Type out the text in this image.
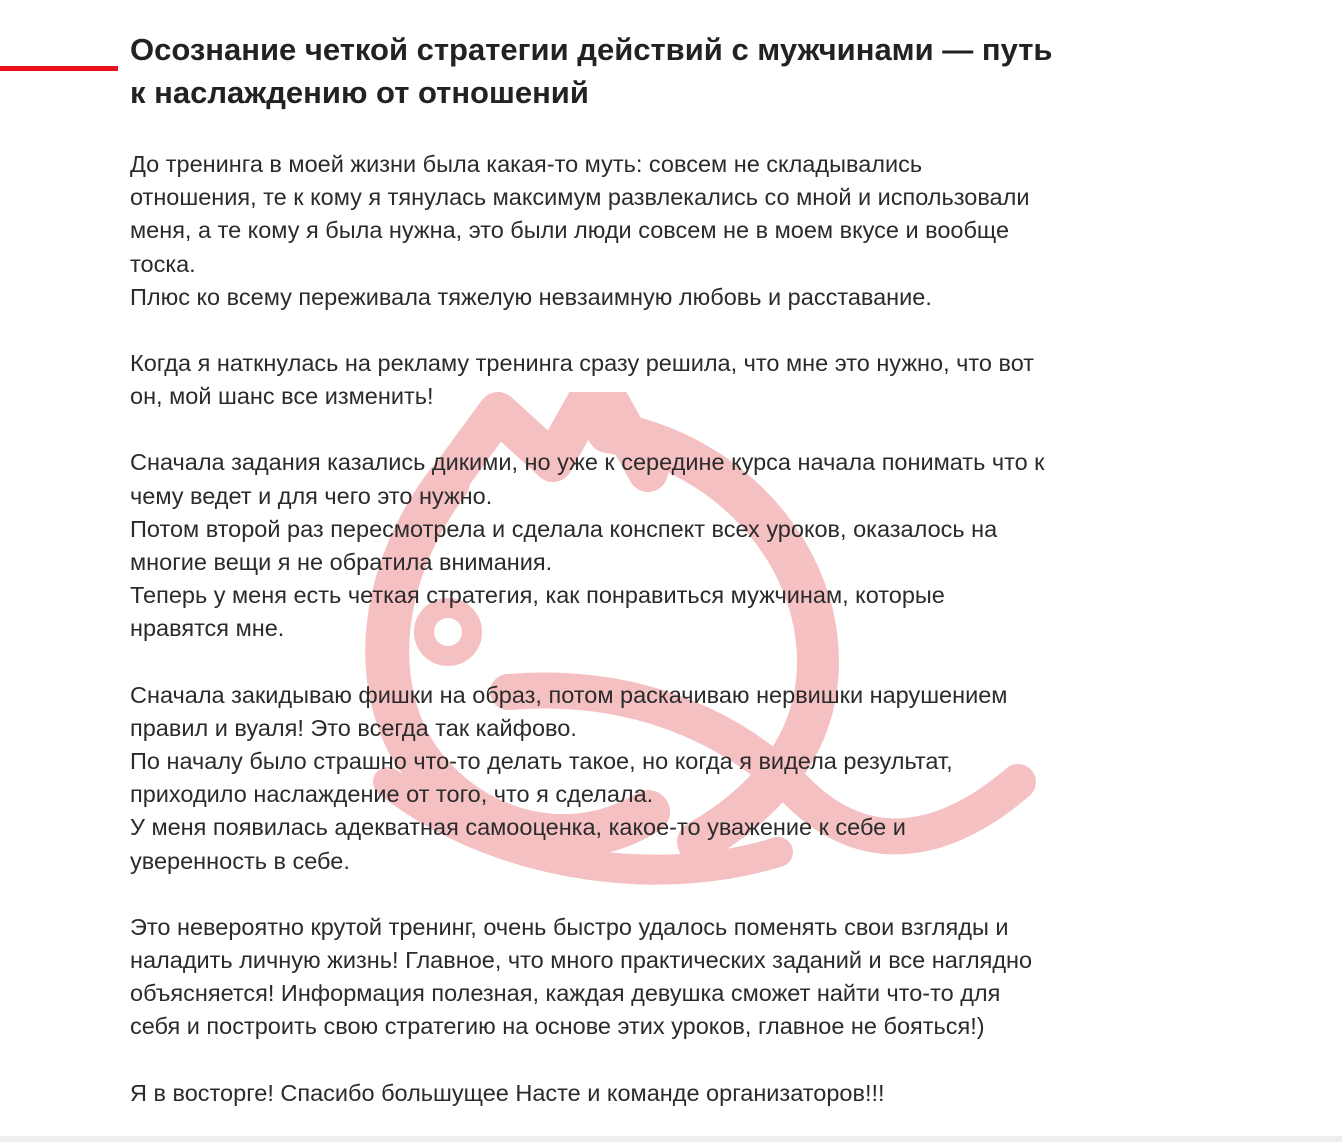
Осознание четкой стратегии действий с мужчинами — путь
к наслаждению от отношений

До тренинга в моей жизни была какая-то муть: совсем не складывались
отношения, те к кому я тянулась максимум развлекались со мной и использовали
меня, а те кому я была нужна, это были люди совсем не в моем вкусе и вообще
тоска.
Плюс ко всему переживала тяжелую невзаимную любовь и расставание.

Когда я наткнулась на рекламу тренинга сразу решила, что мне это нужно, что вот
он, мой шанс все изменить!

Сначала задания казались дикими, но уже к середине курса начала понимать что к
чему ведет и для чего это нужно.
Потом второй раз пересмотрела и сделала конспект всех уроков, оказалось на
многие вещи я не обратила внимания.
Теперь у меня есть четкая стратегия, как понравиться мужчинам, которые
нравятся мне.

Сначала закидываю фишки на образ, потом раскачиваю нервишки нарушением
правил и вуаля! Это всегда так кайфово.
По началу было страшно что-то делать такое, но когда я видела результат,
приходило наслаждение от того, что я сделала.
У меня появилась адекватная самооценка, какое-то уважение к себе и
уверенность в себе.

Это невероятно крутой тренинг, очень быстро удалось поменять свои взгляды и
наладить личную жизнь! Главное, что много практических заданий и все наглядно
объясняется! Информация полезная, каждая девушка сможет найти что-то для
себя и построить свою стратегию на основе этих уроков, главное не бояться!)

Я в восторге! Спасибо большущее Насте и команде организаторов!!!
